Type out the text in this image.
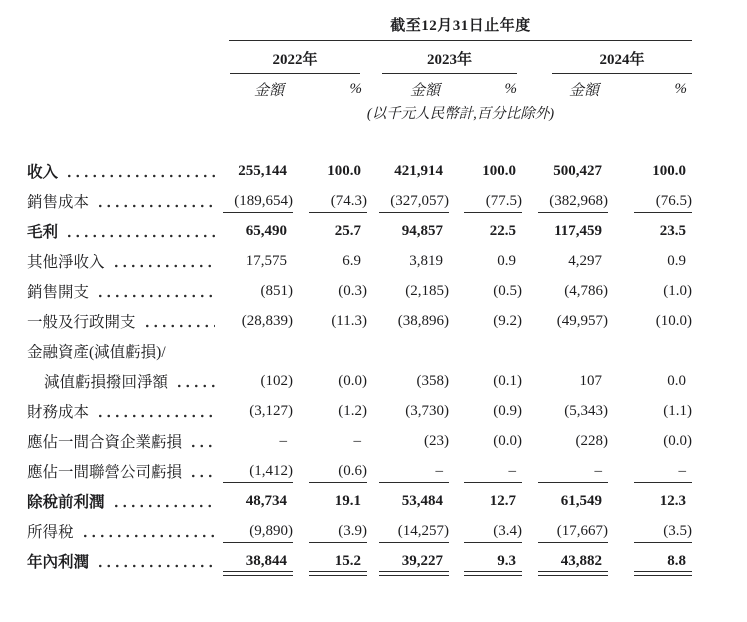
截至12月31日止年度
2022年	2023年	2024年
金額	%	金額	%	金額	%
(以千元人民幣計,百分比除外)
收入	255,144	100.0	421,914	100.0	500,427	100.0
銷售成本	(189,654)	(74.3)	(327,057)	(77.5)	(382,968)	(76.5)
毛利	65,490	25.7	94,857	22.5	117,459	23.5
其他淨收入	17,575	6.9	3,819	0.9	4,297	0.9
銷售開支	(851)	(0.3)	(2,185)	(0.5)	(4,786)	(1.0)
一般及行政開支	(28,839)	(11.3)	(38,896)	(9.2)	(49,957)	(10.0)
金融資產(減值虧損)/
減值虧損撥回淨額	(102)	(0.0)	(358)	(0.1)	107	0.0
財務成本	(3,127)	(1.2)	(3,730)	(0.9)	(5,343)	(1.1)
應佔一間合資企業虧損	–	–	(23)	(0.0)	(228)	(0.0)
應佔一間聯營公司虧損	(1,412)	(0.6)	–	–	–	–
除稅前利潤	48,734	19.1	53,484	12.7	61,549	12.3
所得稅	(9,890)	(3.9)	(14,257)	(3.4)	(17,667)	(3.5)
年內利潤	38,844	15.2	39,227	9.3	43,882	8.8
